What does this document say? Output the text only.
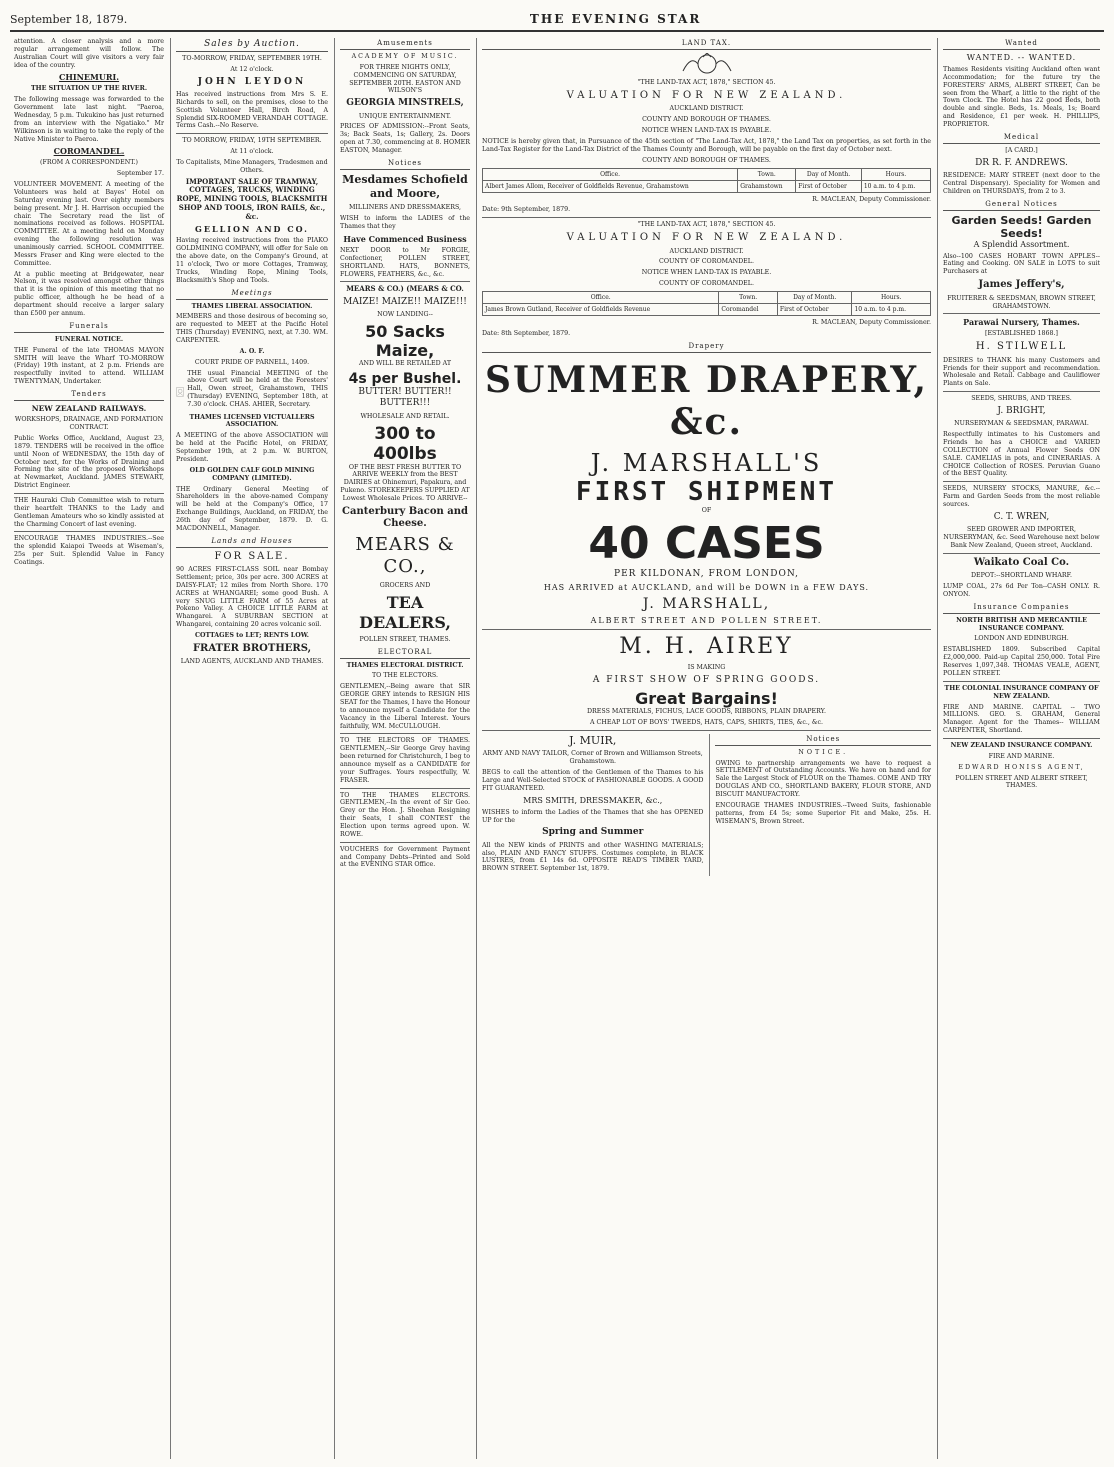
September 18, 1879.	THE EVENING STAR
attention. A closer analysis and a more regular arrangement will follow. The Australian Court will give visitors a very fair idea of the country.
CHINEMURI.
THE SITUATION UP THE RIVER.
The following message was forwarded to the Government late last night. "Paeroa, Wednesday, 5 p.m. Tukukino has just returned from an interview with the Ngatiako." Mr Wilkinson is in waiting to take the reply of the Native Minister to Paeroa.
COROMANDEL.
(FROM A CORRESPONDENT.)
September 17.
VOLUNTEER MOVEMENT. A meeting of the Volunteers was held at Bayes' Hotel on Saturday evening last. Over eighty members being present. Mr J. H. Harrison occupied the chair. The Secretary read the list of nominations received as follows. HOSPITAL COMMITTEE. At a meeting held on Monday evening the following resolution was unanimously carried. SCHOOL COMMITTEE. Messrs Fraser and King were elected to the Committee.
At a public meeting at Bridgewater, near Nelson, it was resolved amongst other things that it is the opinion of this meeting that no public officer, although he be head of a department should receive a larger salary than £500 per annum.
Funerals
FUNERAL NOTICE.
THE Funeral of the late THOMAS MAYON SMITH will leave the Wharf TO-MORROW (Friday) 19th instant, at 2 p.m. Friends are respectfully invited to attend. WILLIAM TWENTYMAN, Undertaker.
Tenders
NEW ZEALAND RAILWAYS.
WORKSHOPS, DRAINAGE, AND FORMATION CONTRACT.
Public Works Office, Auckland, August 23, 1879. TENDERS will be received in the office until Noon of WEDNESDAY, the 15th day of October next, for the Works of Draining and Forming the site of the proposed Workshops at Newmarket, Auckland. JAMES STEWART, District Engineer.
THE Hauraki Club Committee wish to return their heartfelt THANKS to the Lady and Gentleman Amateurs who so kindly assisted at the Charming Concert of last evening.
ENCOURAGE THAMES INDUSTRIES.--See the splendid Kaiapoi Tweeds at Wiseman's, 25s per Suit. Splendid Value in Fancy Coatings.
Sales by Auction.
TO-MORROW, FRIDAY, SEPTEMBER 19TH.
At 12 o'clock.
JOHN LEYDON
Has received instructions from Mrs S. E. Richards to sell, on the premises, close to the Scottish Volunteer Hall, Birch Road, A Splendid SIX-ROOMED VERANDAH COTTAGE. Terms Cash.--No Reserve.
TO MORROW, FRIDAY, 19TH SEPTEMBER.
At 11 o'clock.
To Capitalists, Mine Managers, Tradesmen and Others.
IMPORTANT SALE OF TRAMWAY, COTTAGES, TRUCKS, WINDING ROPE, MINING TOOLS, BLACKSMITH SHOP AND TOOLS, IRON RAILS, &c., &c.
GELLION AND CO.
Having received instructions from the PIAKO GOLDMINING COMPANY, will offer for Sale on the above date, on the Company's Ground, at 11 o'clock, Two or more Cottages, Tramway, Trucks, Winding Rope, Mining Tools, Blacksmith's Shop and Tools.
Meetings
THAMES LIBERAL ASSOCIATION.
MEMBERS and those desirous of becoming so, are requested to MEET at the Pacific Hotel THIS (Thursday) EVENING, next, at 7.30. WM. CARPENTER.
A. O. F.
COURT PRIDE OF PARNELL, 1409.
THE usual Financial MEETING of the above Court will be held at the Foresters' Hall, Owen street, Grahamstown, THIS (Thursday) EVENING, September 18th, at 7.30 o'clock. CHAS. AHIER, Secretary.
THAMES LICENSED VICTUALLERS ASSOCIATION.
A MEETING of the above ASSOCIATION will be held at the Pacific Hotel, on FRIDAY, September 19th, at 2 p.m. W. BURTON, President.
OLD GOLDEN CALF GOLD MINING COMPANY (LIMITED).
THE Ordinary General Meeting of Shareholders in the above-named Company will be held at the Company's Office, 17 Exchange Buildings, Auckland, on FRIDAY, the 26th day of September, 1879. D. G. MACDONNELL, Manager.
Lands and Houses
FOR SALE.
90 ACRES FIRST-CLASS SOIL near Bombay Settlement; price, 30s per acre. 300 ACRES at DAISY-FLAT; 12 miles from North Shore. 170 ACRES at WHANGAREI; some good Bush. A very SNUG LITTLE FARM of 55 Acres at Pokeno Valley. A CHOICE LITTLE FARM at Whangarei. A SUBURBAN SECTION at Whangarei, containing 20 acres volcanic soil.
COTTAGES to LET; RENTS LOW.
FRATER BROTHERS,
LAND AGENTS, AUCKLAND AND THAMES.
Amusements
ACADEMY OF MUSIC.
FOR THREE NIGHTS ONLY, COMMENCING ON SATURDAY, SEPTEMBER 20TH. EASTON AND WILSON'S
GEORGIA MINSTRELS,
UNIQUE ENTERTAINMENT.
PRICES OF ADMISSION:--Front Seats, 3s; Back Seats, 1s; Gallery, 2s. Doors open at 7.30, commencing at 8. HOMER EASTON, Manager.
Notices
Mesdames Schofield and Moore,
MILLINERS AND DRESSMAKERS,
WISH to inform the LADIES of the Thames that they
Have Commenced Business
NEXT DOOR to Mr FORGIE, Confectioner, POLLEN STREET, SHORTLAND. HATS, BONNETS, FLOWERS, FEATHERS, &c., &c.
MEARS & CO.) (MEARS & CO.
MAIZE! MAIZE!! MAIZE!!!
NOW LANDING--
50 Sacks Maize,
AND WILL BE RETAILED AT
4s per Bushel.
BUTTER! BUTTER!! BUTTER!!!
WHOLESALE AND RETAIL.
300 to 400lbs
OF THE BEST FRESH BUTTER TO ARRIVE WEEKLY from the BEST DAIRIES at Ohinemuri, Papakura, and Pukeno. STOREKEEPERS SUPPLIED AT Lowest Wholesale Prices. TO ARRIVE--
Canterbury Bacon and Cheese.
MEARS & CO.,
GROCERS AND
TEA DEALERS,
POLLEN STREET, THAMES.
ELECTORAL
THAMES ELECTORAL DISTRICT.
TO THE ELECTORS.
GENTLEMEN,--Being aware that SIR GEORGE GREY intends to RESIGN HIS SEAT for the Thames, I have the Honour to announce myself a Candidate for the Vacancy in the Liberal Interest. Yours faithfully, WM. McCULLOUGH.
TO THE ELECTORS OF THAMES. GENTLEMEN,--Sir George Grey having been returned for Christchurch, I beg to announce myself as a CANDIDATE for your Suffrages. Yours respectfully, W. FRASER.
TO THE THAMES ELECTORS. GENTLEMEN,--In the event of Sir Geo. Grey or the Hon. J. Sheehan Resigning their Seats, I shall CONTEST the Election upon terms agreed upon. W. ROWE.
VOUCHERS for Government Payment and Company Debts--Printed and Sold at the EVENING STAR Office.
LAND TAX.
"THE LAND-TAX ACT, 1878," SECTION 45.
VALUATION FOR NEW ZEALAND.
AUCKLAND DISTRICT.
COUNTY AND BOROUGH OF THAMES.
NOTICE WHEN LAND-TAX IS PAYABLE.
NOTICE is hereby given that, in Pursuance of the 45th section of "The Land-Tax Act, 1878," the Land Tax on properties, as set forth in the Land-Tax Register for the Land-Tax District of the Thames County and Borough, will be payable on the first day of October next.
COUNTY AND BOROUGH OF THAMES.
Office.	Town.	Day of Month.	Hours.
Albert James Allom, Receiver of Goldfields Revenue, Grahamstown	Grahamstown	First of October	10 a.m. to 4 p.m.
R. MACLEAN, Deputy Commissioner.
Date: 9th September, 1879.
"THE LAND-TAX ACT, 1878," SECTION 45.
VALUATION FOR NEW ZEALAND.
AUCKLAND DISTRICT.
COUNTY OF COROMANDEL.
NOTICE WHEN LAND-TAX IS PAYABLE.
COUNTY OF COROMANDEL.
Office.	Town.	Day of Month.	Hours.
James Brown Gutland, Receiver of Goldfields Revenue	Coromandel	First of October	10 a.m. to 4 p.m.
R. MACLEAN, Deputy Commissioner.
Date: 8th September, 1879.
Drapery
SUMMER DRAPERY, &c.
J. MARSHALL'S
FIRST SHIPMENT
OF
40 CASES
PER KILDONAN, FROM LONDON,
HAS ARRIVED at AUCKLAND, and will be DOWN in a FEW DAYS.
J. MARSHALL,
ALBERT STREET AND POLLEN STREET.
M. H. AIREY
IS MAKING
A FIRST SHOW OF SPRING GOODS.
Great Bargains!
DRESS MATERIALS, FICHUS, LACE GOODS, RIBBONS, PLAIN DRAPERY.
A CHEAP LOT OF BOYS' TWEEDS, HATS, CAPS, SHIRTS, TIES, &c., &c.
J. MUIR,
ARMY AND NAVY TAILOR, Corner of Brown and Williamson Streets, Grahamstown.
BEGS to call the attention of the Gentlemen of the Thames to his Large and Well-Selected STOCK of FASHIONABLE GOODS. A GOOD FIT GUARANTEED.
MRS SMITH, DRESSMAKER, &c.,
WISHES to inform the Ladies of the Thames that she has OPENED UP for the
Spring and Summer
All the NEW kinds of PRINTS and other WASHING MATERIALS; also, PLAIN AND FANCY STUFFS. Costumes complete, in BLACK LUSTRES, from £1 14s 6d. OPPOSITE READ'S TIMBER YARD, BROWN STREET. September 1st, 1879.
Notices
NOTICE.
OWING to partnership arrangements we have to request a SETTLEMENT of Outstanding Accounts. We have on hand and for Sale the Largest Stock of FLOUR on the Thames. COME AND TRY DOUGLAS AND CO., SHORTLAND BAKERY, FLOUR STORE, AND BISCUIT MANUFACTORY.
ENCOURAGE THAMES INDUSTRIES.--Tweed Suits, fashionable patterns, from £4 5s; some Superior Fit and Make, 25s. H. WISEMAN'S, Brown Street.
Wanted
WANTED. -- WANTED.
Thames Residents visiting Auckland often want Accommodation; for the future try the FORESTERS' ARMS, ALBERT STREET, Can be seen from the Wharf, a little to the right of the Town Clock. The Hotel has 22 good Beds, both double and single. Beds, 1s. Meals, 1s; Board and Residence, £1 per week. H. PHILLIPS, PROPRIETOR.
Medical
[A CARD.]
DR R. F. ANDREWS.
RESIDENCE: MARY STREET (next door to the Central Dispensary). Speciality for Women and Children on THURSDAYS, from 2 to 3.
General Notices
Garden Seeds! Garden Seeds!
A Splendid Assortment.
Also--100 CASES HOBART TOWN APPLES--Eating and Cooking. ON SALE in LOTS to suit Purchasers at
James Jeffery's,
FRUITERER & SEEDSMAN, BROWN STREET, GRAHAMSTOWN.
Parawai Nursery, Thames.
[ESTABLISHED 1868.]
H. STILWELL
DESIRES to THANK his many Customers and Friends for their support and recommendation. Wholesale and Retail. Cabbage and Cauliflower Plants on Sale.
SEEDS, SHRUBS, AND TREES.
J. BRIGHT,
NURSERYMAN & SEEDSMAN, PARAWAI.
Respectfully intimates to his Customers and Friends he has a CHOICE and VARIED COLLECTION of Annual Flower Seeds ON SALE. CAMELIAS in pots, and CINERARIAS. A CHOICE Collection of ROSES. Peruvian Guano of the BEST Quality.
SEEDS, NURSERY STOCKS, MANURE, &c.--Farm and Garden Seeds from the most reliable sources.
C. T. WREN,
SEED GROWER AND IMPORTER, NURSERYMAN, &c. Seed Warehouse next below Bank New Zealand, Queen street, Auckland.
Waikato Coal Co.
DEPOT:--SHORTLAND WHARF.
LUMP COAL, 27s 6d Per Ton--CASH ONLY. R. ONYON.
Insurance Companies
NORTH BRITISH AND MERCANTILE INSURANCE COMPANY.
LONDON AND EDINBURGH.
ESTABLISHED 1809. Subscribed Capital £2,000,000. Paid-up Capital 250,000. Total Fire Reserves 1,097,348. THOMAS VEALE, AGENT, POLLEN STREET.
THE COLONIAL INSURANCE COMPANY OF NEW ZEALAND.
FIRE AND MARINE. CAPITAL -- TWO MILLIONS. GEO. S. GRAHAM, General Manager. Agent for the Thames-- WILLIAM CARPENTER, Shortland.
NEW ZEALAND INSURANCE COMPANY.
FIRE AND MARINE.
EDWARD HONISS AGENT,
POLLEN STREET AND ALBERT STREET, THAMES.
